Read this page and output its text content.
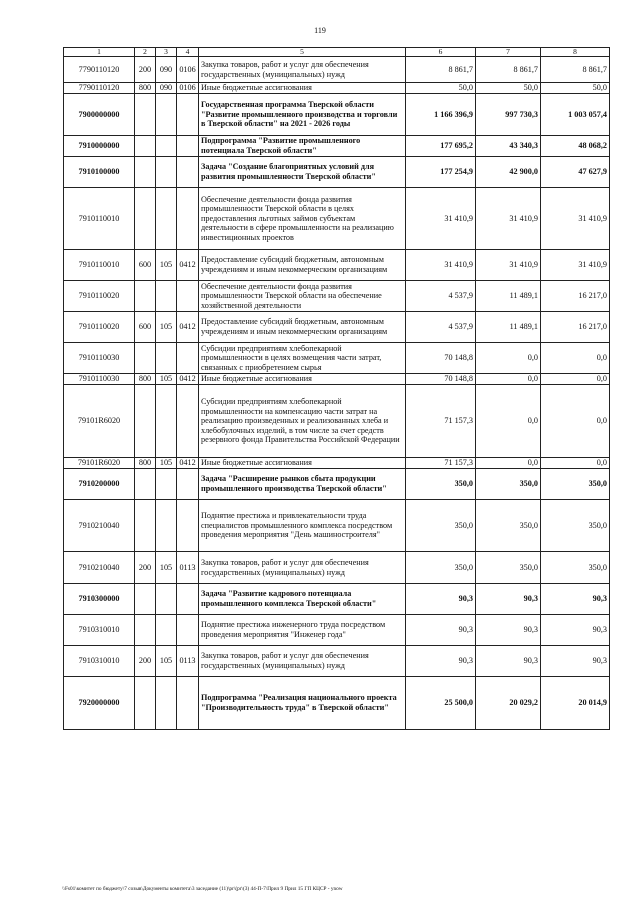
119
1	2	3	4	5	6	7	8
7790110120	200	090	0106	Закупка товаров, работ и услуг для обеспечения государственных (муниципальных) нужд	8 861,7	8 861,7	8 861,7
7790110120	800	090	0106	Иные бюджетные ассигнования	50,0	50,0	50,0
7900000000				Государственная программа Тверской области "Развитие промышленного производства и торговли в Тверской области" на 2021 - 2026 годы	1 166 396,9	997 730,3	1 003 057,4
7910000000				Подпрограмма "Развитие промышленного потенциала Тверской области"	177 695,2	43 340,3	48 068,2
7910100000				Задача "Создание благоприятных условий для развития промышленности Тверской области"	177 254,9	42 900,0	47 627,9
7910110010				Обеспечение деятельности фонда развития промышленности Тверской области в целях предоставления льготных займов субъектам деятельности в сфере промышленности на реализацию инвестиционных проектов	31 410,9	31 410,9	31 410,9
7910110010	600	105	0412	Предоставление субсидий бюджетным, автономным учреждениям и иным некоммерческим организациям	31 410,9	31 410,9	31 410,9
7910110020				Обеспечение деятельности фонда развития промышленности Тверской области на обеспечение хозяйственной деятельности	4 537,9	11 489,1	16 217,0
7910110020	600	105	0412	Предоставление субсидий бюджетным, автономным учреждениям и иным некоммерческим организациям	4 537,9	11 489,1	16 217,0
7910110030				Субсидии предприятиям хлебопекарной промышленности в целях возмещения части затрат, связанных с приобретением сырья	70 148,8	0,0	0,0
7910110030	800	105	0412	Иные бюджетные ассигнования	70 148,8	0,0	0,0
79101R6020				Субсидии предприятиям хлебопекарной промышленности на компенсацию части затрат на реализацию произведенных и реализованных хлеба и хлебобулочных изделий, в том числе за счет средств резервного фонда Правительства Российской Федерации	71 157,3	0,0	0,0
79101R6020	800	105	0412	Иные бюджетные ассигнования	71 157,3	0,0	0,0
7910200000				Задача "Расширение рынков сбыта продукции промышленного производства Тверской области"	350,0	350,0	350,0
7910210040				Поднятие престижа и привлекательности труда специалистов промышленного комплекса посредством проведения мероприятия "День машиностроителя"	350,0	350,0	350,0
7910210040	200	105	0113	Закупка товаров, работ и услуг для обеспечения государственных (муниципальных) нужд	350,0	350,0	350,0
7910300000				Задача "Развитие кадрового потенциала промышленного комплекса Тверской области"	90,3	90,3	90,3
7910310010				Поднятие престижа инженерного труда посредством проведения мероприятия "Инженер года"	90,3	90,3	90,3
7910310010	200	105	0113	Закупка товаров, работ и услуг для обеспечения государственных (муниципальных) нужд	90,3	90,3	90,3
7920000000				Подпрограмма "Реализация национального проекта "Производительность труда" в Тверской области"	25 500,0	20 029,2	20 014,9
\\Fs01\комитет по бюджету\7 созыв\Документы комитета\3 заседание (11)\pr\(pr\(3) 44-П-7\Прил 9 Прил 15 ГП КЦСР - ynow
